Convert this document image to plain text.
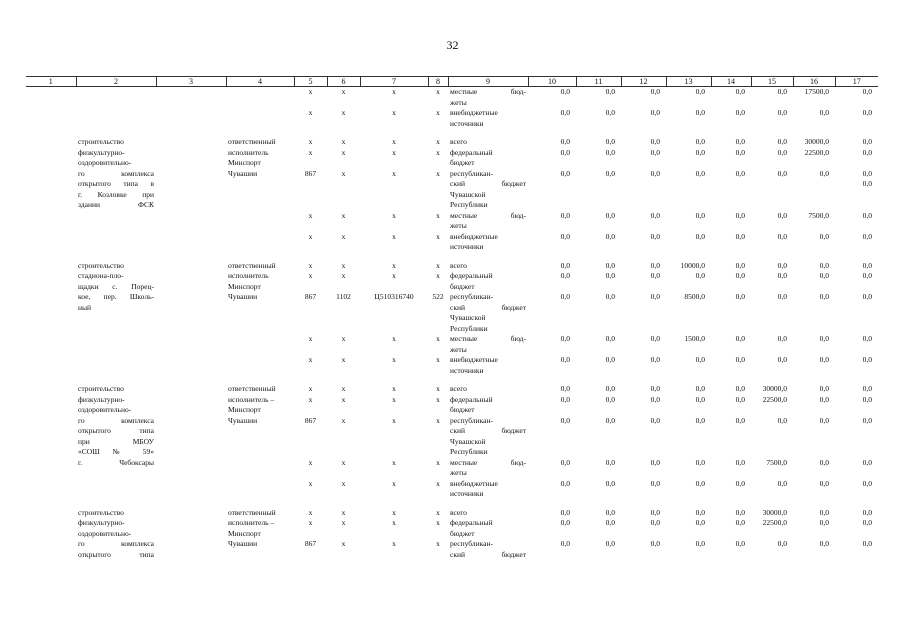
32
1	2	3	4	5	6	7	8	9	10	11	12	13	14	15	16	17
				x	x	x	x	местные бюд-	0,0	0,0	0,0	0,0	0,0	0,0	17500,0	0,0
								жеты								
				x	x	x	x	внебюджетные	0,0	0,0	0,0	0,0	0,0	0,0	0,0	0,0
								источники								

	строительство		ответственный	x	x	x	x	всего	0,0	0,0	0,0	0,0	0,0	0,0	30000,0	0,0
	физкультурно-		исполнитель	x	x	x	x	федеральный	0,0	0,0	0,0	0,0	0,0	0,0	22500,0	0,0
	оздоровительно-		Минспорт					бюджет								
	го комплекса		Чувашии	867	x	x	x	республикан-	0,0	0,0	0,0	0,0	0,0	0,0	0,0	0,0
	открытого типа в							ский бюджет								0,0
	г. Козловке при							Чувашской								
	здании ФСК							Республики								
				x	x	x	x	местные бюд-	0,0	0,0	0,0	0,0	0,0	0,0	7500,0	0,0
								жеты								
				x	x	x	x	внебюджетные	0,0	0,0	0,0	0,0	0,0	0,0	0,0	0,0
								источники								

	строительство		ответственный	x	x	x	x	всего	0,0	0,0	0,0	10000,0	0,0	0,0	0,0	0,0
	стадиона-пло-		исполнитель	x	x	x	x	федеральный	0,0	0,0	0,0	0,0	0,0	0,0	0,0	0,0
	щадки с. Порец-		Минспорт					бюджет								
	кое, пер. Школь-		Чувашии	867	1102	Ц510316740	522	республикан-	0,0	0,0	0,0	8500,0	0,0	0,0	0,0	0,0
	ный							ский бюджет								
								Чувашской								
								Республики								
				x	x	x	x	местные бюд-	0,0	0,0	0,0	1500,0	0,0	0,0	0,0	0,0
								жеты								
				x	x	x	x	внебюджетные	0,0	0,0	0,0	0,0	0,0	0,0	0,0	0,0
								источники								

	строительство		ответственный	x	x	x	x	всего	0,0	0,0	0,0	0,0	0,0	30000,0	0,0	0,0
	физкультурно-		исполнитель –	x	x	x	x	федеральный	0,0	0,0	0,0	0,0	0,0	22500,0	0,0	0,0
	оздоровительно-		Минспорт					бюджет								
	го комплекса		Чувашии	867	x	x	x	республикан-	0,0	0,0	0,0	0,0	0,0	0,0	0,0	0,0
	открытого типа							ский бюджет								
	при МБОУ							Чувашской								
	«СОШ № 59»							Республики								
	г. Чебоксары			x	x	x	x	местные бюд-	0,0	0,0	0,0	0,0	0,0	7500,0	0,0	0,0
								жеты								
				x	x	x	x	внебюджетные	0,0	0,0	0,0	0,0	0,0	0,0	0,0	0,0
								источники								

	строительство		ответственный	x	x	x	x	всего	0,0	0,0	0,0	0,0	0,0	30000,0	0,0	0,0
	физкультурно-		исполнитель –	x	x	x	x	федеральный	0,0	0,0	0,0	0,0	0,0	22500,0	0,0	0,0
	оздоровительно-		Минспорт					бюджет								
	го комплекса		Чувашии	867	x	x	x	республикан-	0,0	0,0	0,0	0,0	0,0	0,0	0,0	0,0
	открытого типа							ский бюджет								
